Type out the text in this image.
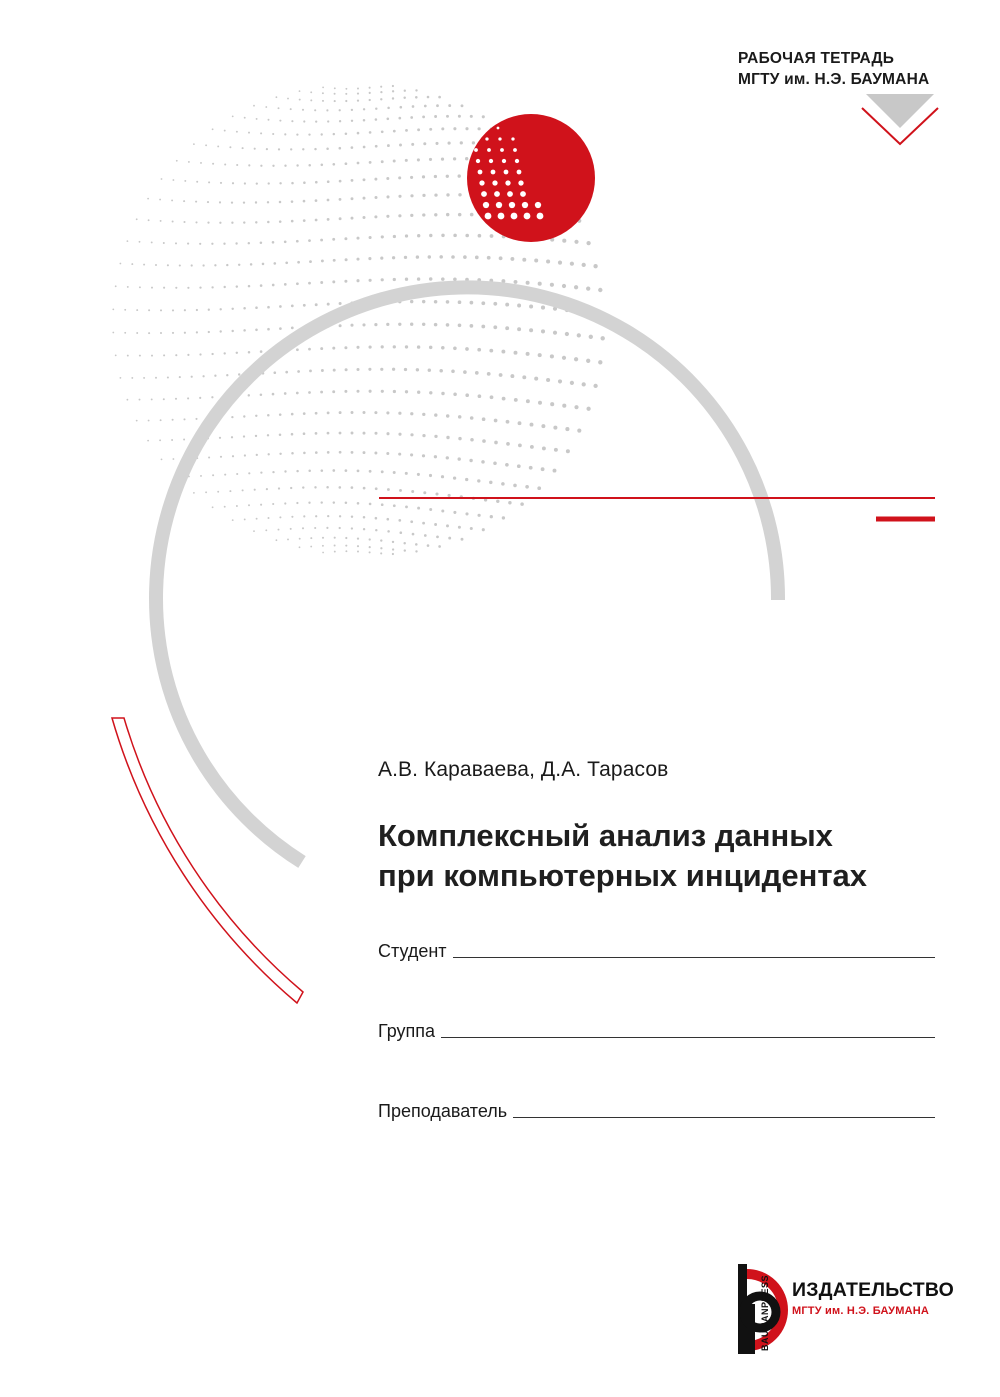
РАБОЧАЯ ТЕТРАДЬ
МГТУ им. Н.Э. БАУМАНА
А.В. Караваева, Д.А. Тарасов
Комплексный анализ данных
при компьютерных инцидентах
Студент
Группа
Преподаватель
BAUMANPRESS ИЗДАТЕЛЬСТВО
МГТУ им. Н.Э. БАУМАНА
